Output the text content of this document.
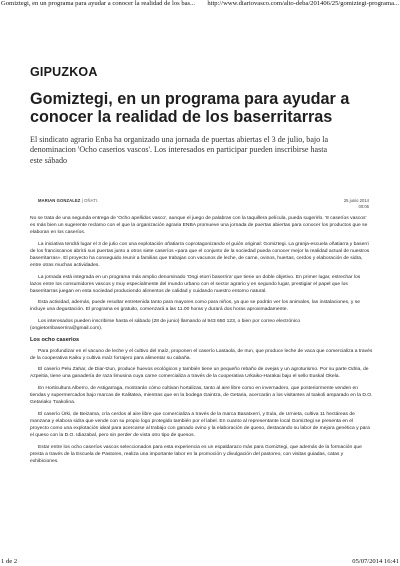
Gomiztegi, en un programa para ayudar a conocer la realidad de los bas... http://www.diariovasco.com/alto-deba/201406/25/gomiztegi-programa...
GIPUZKOA
Gomiztegi, en un programa para ayudar a conocer la realidad de los baserritarras
El sindicato agrario Enba ha organizado una jornada de puertas abiertas el 3 de julio, bajo la denominacion 'Ocho caserios vascos'. Los interesados en participar pueden inscribirse hasta este sábado
MARIAN GONZALEZ | OÑATI.	25 junio 2014
00:06

No se trata de una segunda entrega de 'Ocho apellidos vasco', aunque el juego de palabras con la taquillera película, pueda sugerirlo. '8 caseríos vascos' es más bien un sugerente reclamo con el que la organización agraria ENBA promueve una jornada de puertas abiertas para conocer los productos que se elaboran en los caseríos.

La iniciativa tendrá lugar el 3 de julio con una explotación oñatiarra coprotagonizando el guión original: Gomiztegi. La granja-escuela oñatiarra y baserri de los franciscanos abrirá sus puertas junto a otros siete caseríos «para que el conjunto de la sociedad pueda conocer mejor la realidad actual de nuestros baserritarras». El proyecto ha conseguido reunir a familias que trabajan con vacunos de leche, de carne, ovinos, huertas, cerdos y elaboración de sidra, entre otras muchas actividades.

La jornada está integrada en un programa más amplio denominado 'Ongi etorri baserrira' que tiene un doble objetivo. En primer lugar, estrechar los lazos entre los consumidores vascos y muy especialmente del mundo urbano con el sector agrario y en segundo lugar, prestigiar el papel que los baserritarras juegan en esta sociedad produciendo alimentos de calidad y cuidando nuestro entorno natural.

Esta actividad, además, puede resultar entretenida tanto para mayores como para niños, ya que se podrán ver los animales, las instalaciones, y se incluye una degustación. El programa es gratuito, comenzará a las 11.00 horas y durará dos horas aproximadamente.

Los interesados pueden inscribirse hasta el sábado (28 de junio) llamando al 943 650 123, o bien por correo electrónico (ongietorribaserrira@gmail.com).

Los ocho caserios

Para profundizar en el vacuno de leche y el cultivo del maíz, proponen el caserío Lastaola, de Irun, que produce leche de vaca que comercializa a través de la cooperativa Kaiku y cultiva maíz forrajero para alimentar su cabaña.

El caserío Pelu Zahar, de Diar-tzun, produce huevos ecológicos y también tiene un pequeño rebaño de ovejas y un agroturismo. Por su parte Odria, de Azpeitia, tiene una ganadería de raza limusina cuya carne comercializa a través de la cooperativa Urkaiko-Harakai bajo el sello Euskal Okela.

En Horticultura Alberro, de Astigarraga, mostrarán cómo cultivan hortalizas, tanto al aire libre como en invernadero, que posteriormente venden en tiendas y supermercados bajo marcas de Kalitatea, mientras que en la bodega Gaintza, de Getaria, acercarán a los visitantes al txakoli amparado en la D.O. Getariako Txakolina.

El caserío Ürki, de Beizama, cría cerdos al aire libre que comercializa a través de la marca Basatxerri, y Eula, de Urnieta, cultiva 11 hectáreas de manzana y elabora sidra que vende con su propio logo protegido también por el label. En cuanto al representante local Gomiztegi se presenta en el proyecto como una explotación ideal para acercarse al trabajo con ganado ovino y la elaboración de queso, destacando su labor de mejora genética y para el queso con la D.O. Idiazabal, pero sin perder de vista otro tipo de quesos.

Estar entre los ocho caseríos vascos seleccionados para esta experiencia es un espaldarazo más para Gomiztegi, que además de la formación que presta a través de la Escuela de Pastores, realiza una importante labor en la promoción y divulgación del pastoreo, con visitas guiadas, catas y exhibiciones.

1 de 2	05/07/2014 16:41
